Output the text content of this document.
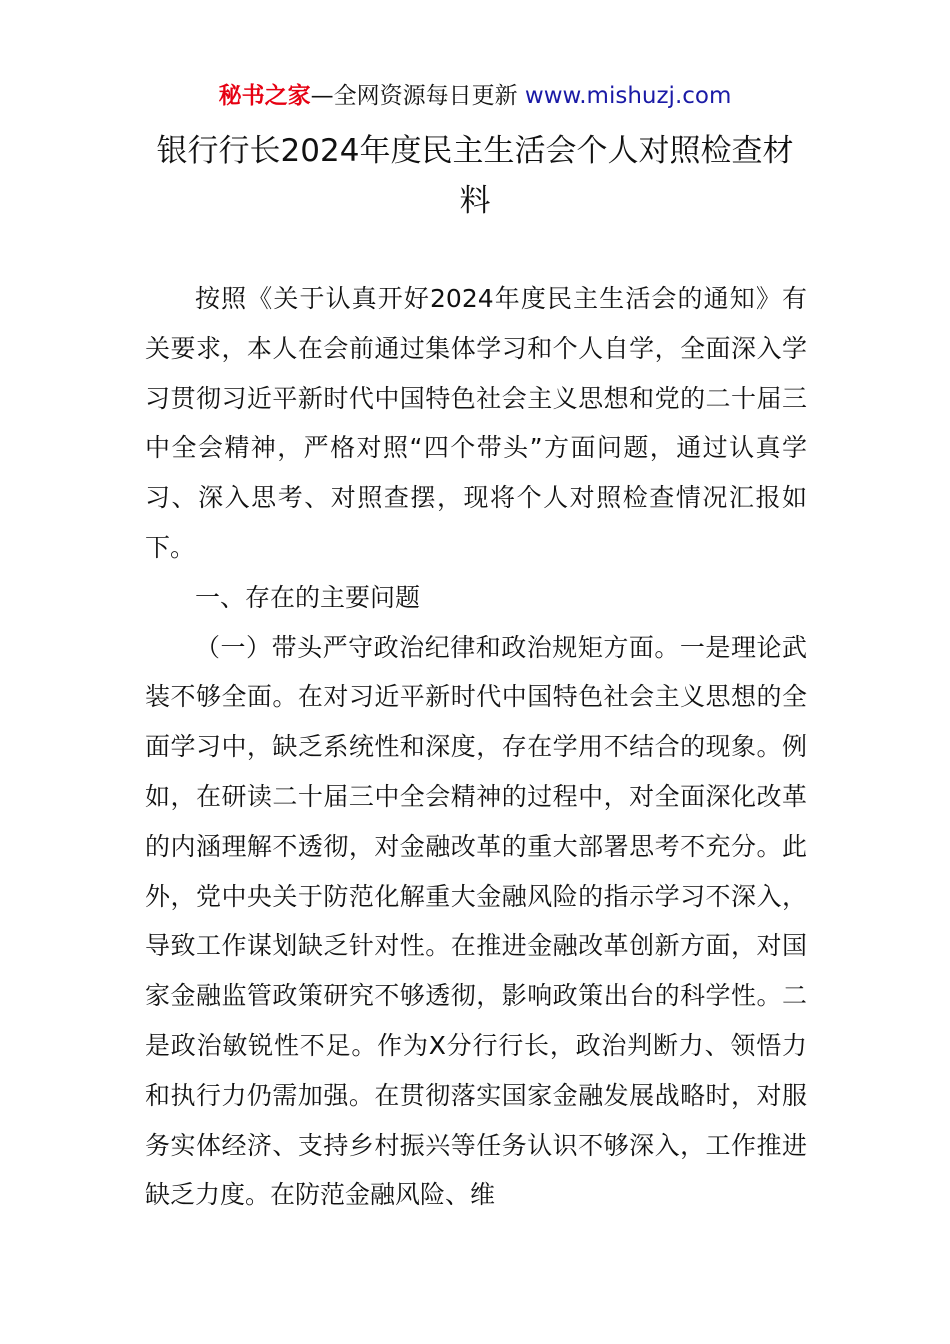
秘书之家—全网资源每日更新 www.mishuzj.com
银行行长2024年度民主生活会个人对照检查材料

按照《关于认真开好2024年度民主生活会的通知》有关要求，本人在会前通过集体学习和个人自学，全面深入学习贯彻习近平新时代中国特色社会主义思想和党的二十届三中全会精神，严格对照“四个带头”方面问题，通过认真学习、深入思考、对照查摆，现将个人对照检查情况汇报如下。

一、存在的主要问题

（一）带头严守政治纪律和政治规矩方面。一是理论武装不够全面。在对习近平新时代中国特色社会主义思想的全面学习中，缺乏系统性和深度，存在学用不结合的现象。例如，在研读二十届三中全会精神的过程中，对全面深化改革的内涵理解不透彻，对金融改革的重大部署思考不充分。此外，党中央关于防范化解重大金融风险的指示学习不深入，导致工作谋划缺乏针对性。在推进金融改革创新方面，对国家金融监管政策研究不够透彻，影响政策出台的科学性。二是政治敏锐性不足。作为X分行行长，政治判断力、领悟力和执行力仍需加强。在贯彻落实国家金融发展战略时，对服务实体经济、支持乡村振兴等任务认识不够深入，工作推进缺乏力度。在防范金融风险、维
